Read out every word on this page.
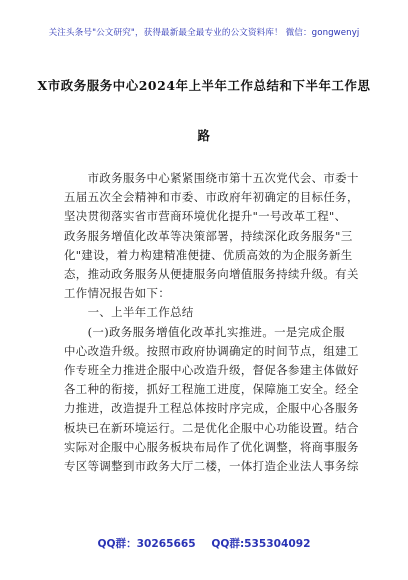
关注头条号"公文研究"，获得最新最全最专业的公文资料库！ 微信：gongwenyj
X市政务服务中心2024年上半年工作总结和下半年工作思
路
　　市政务服务中心紧紧围绕市第十五次党代会、市委十
五届五次全会精神和市委、市政府年初确定的目标任务，
坚决贯彻落实省市营商环境优化提升"一号改革工程"、
政务服务增值化改革等决策部署，持续深化政务服务"三
化"建设，着力构建精准便捷、优质高效的为企服务新生
态，推动政务服务从便捷服务向增值服务持续升级。有关
工作情况报告如下：
　　一、上半年工作总结
　　(一)政务服务增值化改革扎实推进。一是完成企服
中心改造升级。按照市政府协调确定的时间节点，组建工
作专班全力推进企服中心改造升级，督促各参建主体做好
各工种的衔接，抓好工程施工进度，保障施工安全。经全
力推进，改造提升工程总体按时序完成，企服中心各服务
板块已在新环境运行。二是优化企服中心功能设置。结合
实际对企服中心服务板块布局作了优化调整，将商事服务
专区等调整到市政务大厅二楼，一体打造企业法人事务综
QQ群：30265665 QQ群:535304092
